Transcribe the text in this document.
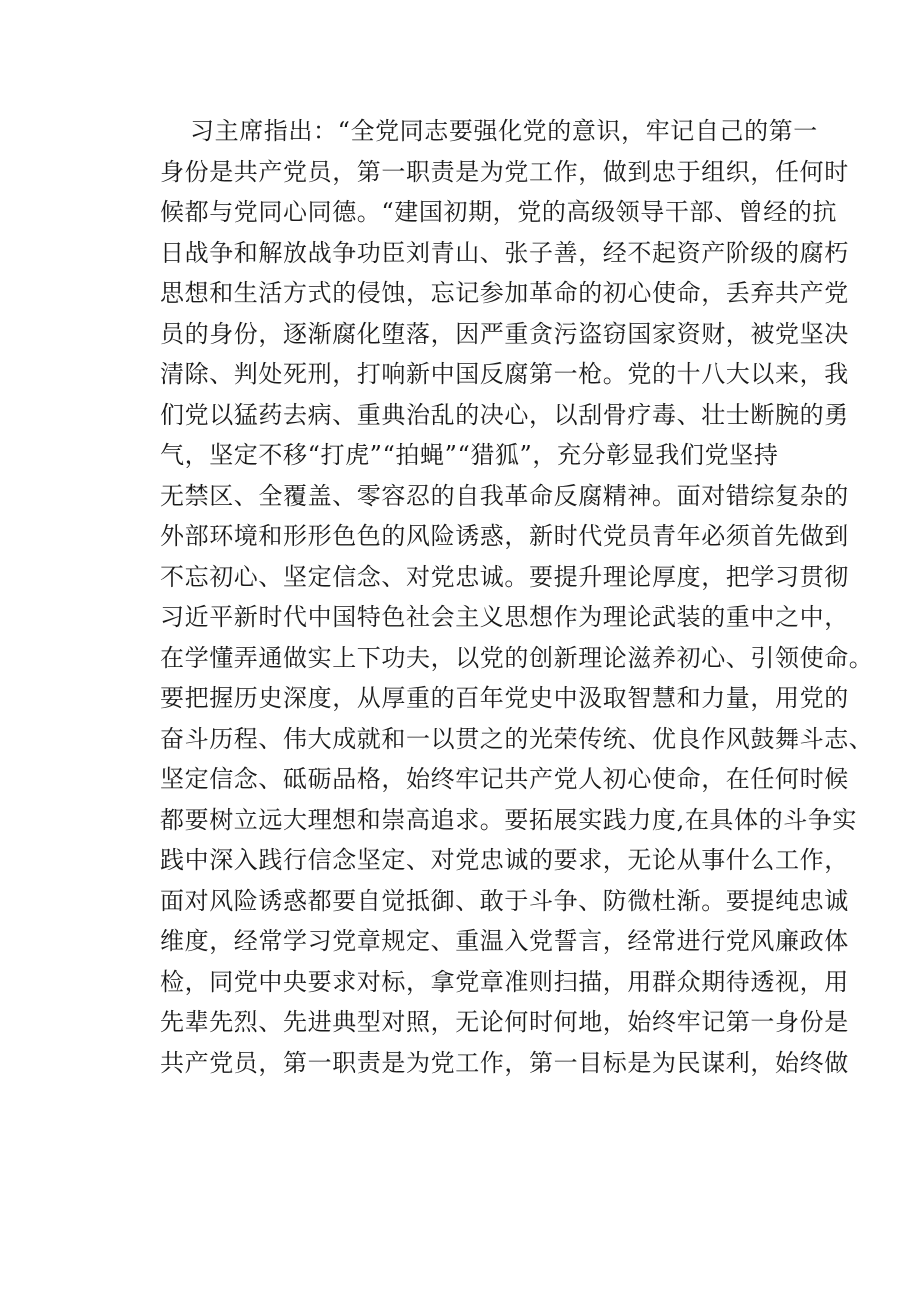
习主席指出：“全党同志要强化党的意识，牢记自己的第一
身份是共产党员，第一职责是为党工作，做到忠于组织，任何时
候都与党同心同德。“建国初期，党的高级领导干部、曾经的抗
日战争和解放战争功臣刘青山、张子善，经不起资产阶级的腐朽
思想和生活方式的侵蚀，忘记参加革命的初心使命，丢弃共产党
员的身份，逐渐腐化堕落，因严重贪污盗窃国家资财，被党坚决
清除、判处死刑，打响新中国反腐第一枪。党的十八大以来，我
们党以猛药去病、重典治乱的决心，以刮骨疗毒、壮士断腕的勇
气，坚定不移“打虎”“拍蝇”“猎狐”，充分彰显我们党坚持
无禁区、全覆盖、零容忍的自我革命反腐精神。面对错综复杂的
外部环境和形形色色的风险诱惑，新时代党员青年必须首先做到
不忘初心、坚定信念、对党忠诚。要提升理论厚度，把学习贯彻
习近平新时代中国特色社会主义思想作为理论武装的重中之中，
在学懂弄通做实上下功夫，以党的创新理论滋养初心、引领使命。
要把握历史深度，从厚重的百年党史中汲取智慧和力量，用党的
奋斗历程、伟大成就和一以贯之的光荣传统、优良作风鼓舞斗志、
坚定信念、砥砺品格，始终牢记共产党人初心使命，在任何时候
都要树立远大理想和崇高追求。要拓展实践力度,在具体的斗争实
践中深入践行信念坚定、对党忠诚的要求，无论从事什么工作，
面对风险诱惑都要自觉抵御、敢于斗争、防微杜渐。要提纯忠诚
维度，经常学习党章规定、重温入党誓言，经常进行党风廉政体
检，同党中央要求对标，拿党章准则扫描，用群众期待透视，用
先辈先烈、先进典型对照，无论何时何地，始终牢记第一身份是
共产党员，第一职责是为党工作，第一目标是为民谋利，始终做
